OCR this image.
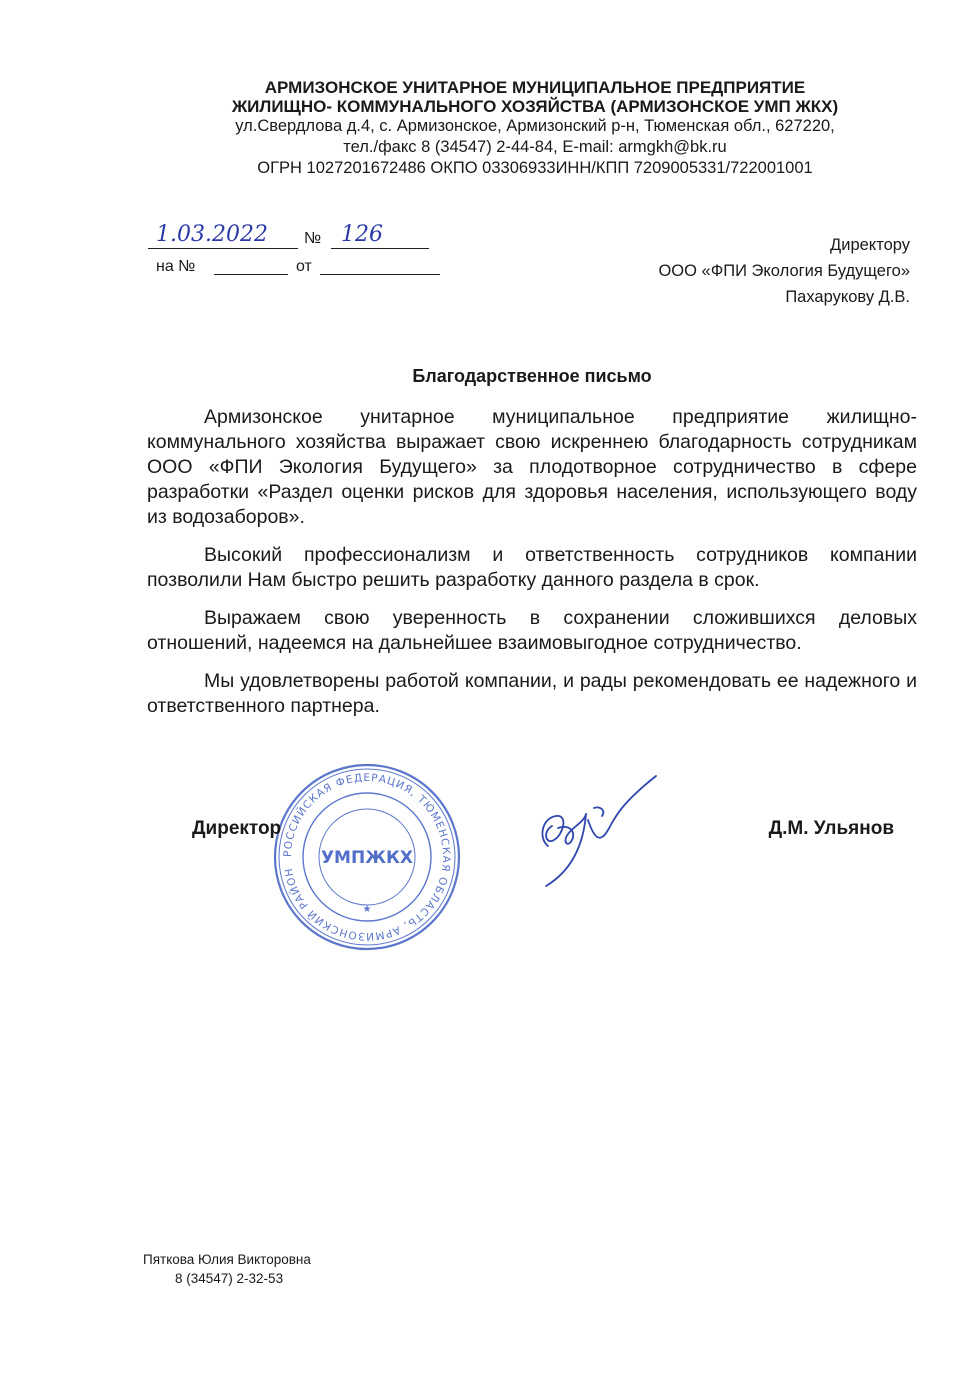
АРМИЗОНСКОЕ УНИТАРНОЕ МУНИЦИПАЛЬНОЕ ПРЕДПРИЯТИЕ
ЖИЛИЩНО- КОММУНАЛЬНОГО ХОЗЯЙСТВА (АРМИЗОНСКОЕ УМП ЖКХ)
ул.Свердлова д.4, с. Армизонское, Армизонский р-н, Тюменская обл., 627220,
тел./факс 8 (34547) 2-44-84, E-mail: armgkh@bk.ru
ОГРН 1027201672486 ОКПО 03306933ИНН/КПП 7209005331/722001001
1.03.2022 № 126
на №	от
Директору
ООО «ФПИ Экология Будущего»
Пахарукову Д.В.
Благодарственное письмо

Армизонское унитарное муниципальное предприятие жилищно-коммунального хозяйства выражает свою искреннею благодарность сотрудникам ООО «ФПИ Экология Будущего» за плодотворное сотрудничество в сфере разработки «Раздел оценки рисков для здоровья населения, использующего воду из водозаборов».

Высокий профессионализм и ответственность сотрудников компании позволили Нам быстро решить разработку данного раздела в срок.

Выражаем свою уверенность в сохранении сложившихся деловых отношений, надеемся на дальнейшее взаимовыгодное сотрудничество.

Мы удовлетворены работой компании, и рады рекомендовать ее надежного и ответственного партнера.

РОССИЙСКАЯ ФЕДЕРАЦИЯ, ТЮМЕНСКАЯ ОБЛАСТЬ, АРМИЗОНСКИЙ РАЙОН
УМПЖКХ
★
Директор	Д.М. Ульянов
Пяткова Юлия Викторовна
8 (34547) 2-32-53
